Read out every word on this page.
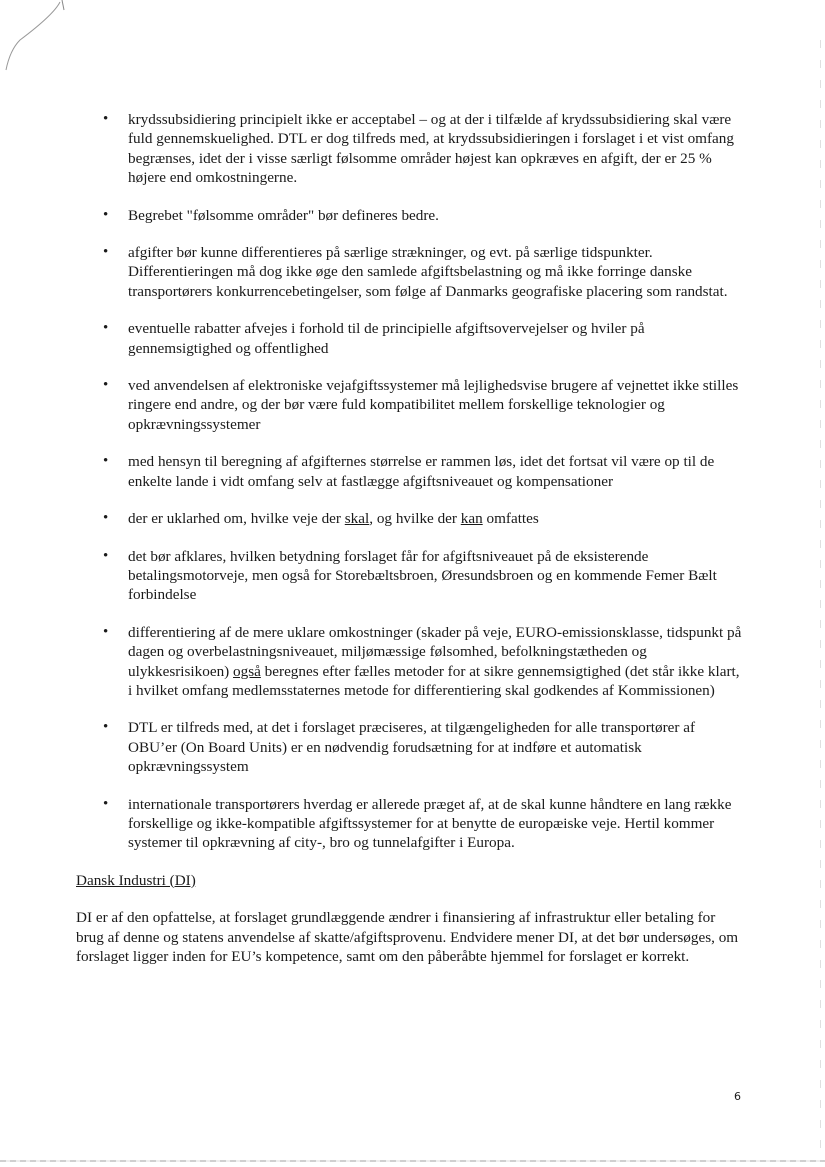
• krydssubsidiering principielt ikke er acceptabel – og at der i tilfælde af krydssubsidiering skal være fuld gennemskuelighed. DTL er dog tilfreds med, at krydssubsidieringen i forslaget i et vist omfang begrænses, idet der i visse særligt følsomme områder højest kan opkræves en afgift, der er 25 % højere end omkostningerne.
• Begrebet "følsomme områder" bør defineres bedre.
• afgifter bør kunne differentieres på særlige strækninger, og evt. på særlige tidspunkter. Differentieringen må dog ikke øge den samlede afgiftsbelastning og må ikke forringe danske transportørers konkurrencebetingelser, som følge af Danmarks geografiske placering som randstat.
• eventuelle rabatter afvejes i forhold til de principielle afgiftsovervejelser og hviler på gennemsigtighed og offentlighed
• ved anvendelsen af elektroniske vejafgiftssystemer må lejlighedsvise brugere af vejnettet ikke stilles ringere end andre, og der bør være fuld kompatibilitet mellem forskellige teknologier og opkrævningssystemer
• med hensyn til beregning af afgifternes størrelse er rammen løs, idet det fortsat vil være op til de enkelte lande i vidt omfang selv at fastlægge afgiftsniveauet og kompensationer
• der er uklarhed om, hvilke veje der skal, og hvilke der kan omfattes
• det bør afklares, hvilken betydning forslaget får for afgiftsniveauet på de eksisterende betalingsmotorveje, men også for Storebæltsbroen, Øresundsbroen og en kommende Femer Bælt forbindelse
• differentiering af de mere uklare omkostninger (skader på veje, EURO-emissionsklasse, tidspunkt på dagen og overbelastningsniveauet, miljømæssige følsomhed, befolkningstætheden og ulykkesrisikoen) også beregnes efter fælles metoder for at sikre gennemsigtighed (det står ikke klart, i hvilket omfang medlemsstaternes metode for differentiering skal godkendes af Kommissionen)
• DTL er tilfreds med, at det i forslaget præciseres, at tilgængeligheden for alle transportører af OBU’er (On Board Units) er en nødvendig forudsætning for at indføre et automatisk opkrævningssystem
• internationale transportørers hverdag er allerede præget af, at de skal kunne håndtere en lang række forskellige og ikke-kompatible afgiftssystemer for at benytte de europæiske veje. Hertil kommer systemer til opkrævning af city-, bro og tunnelafgifter i Europa.
Dansk Industri (DI)

DI er af den opfattelse, at forslaget grundlæggende ændrer i finansiering af infrastruktur eller betaling for brug af denne og statens anvendelse af skatte/afgiftsprovenu. Endvidere mener DI, at det bør undersøges, om forslaget ligger inden for EU’s kompetence, samt om den påberåbte hjemmel for forslaget er korrekt.

6
